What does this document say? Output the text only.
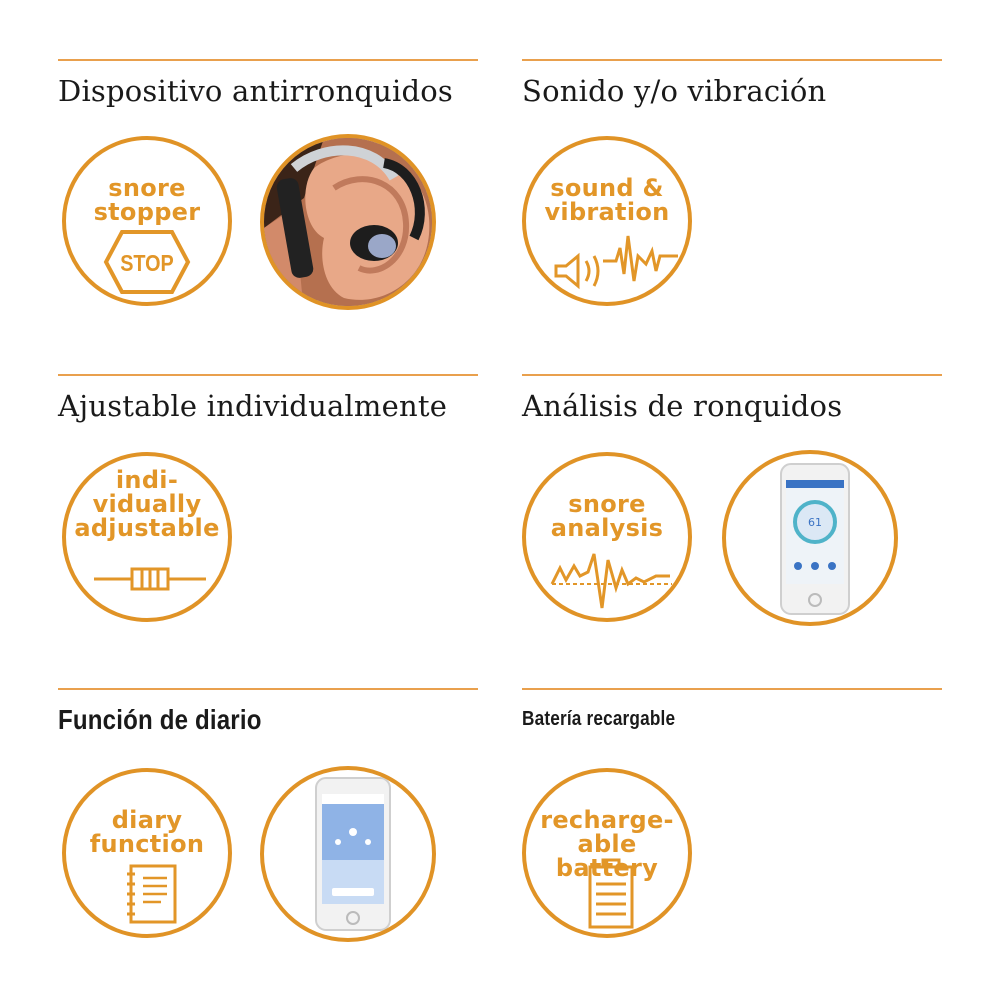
Dispositivo antirronquidos Sonido y/o vibración
snore
stopper
STOP
sound &
vibration
Ajustable individualmente	Análisis de ronquidos
indi-
vidually
adjustable
snore
analysis	61
Función de diario	Batería recargable
diary
function
recharge-
able battery
